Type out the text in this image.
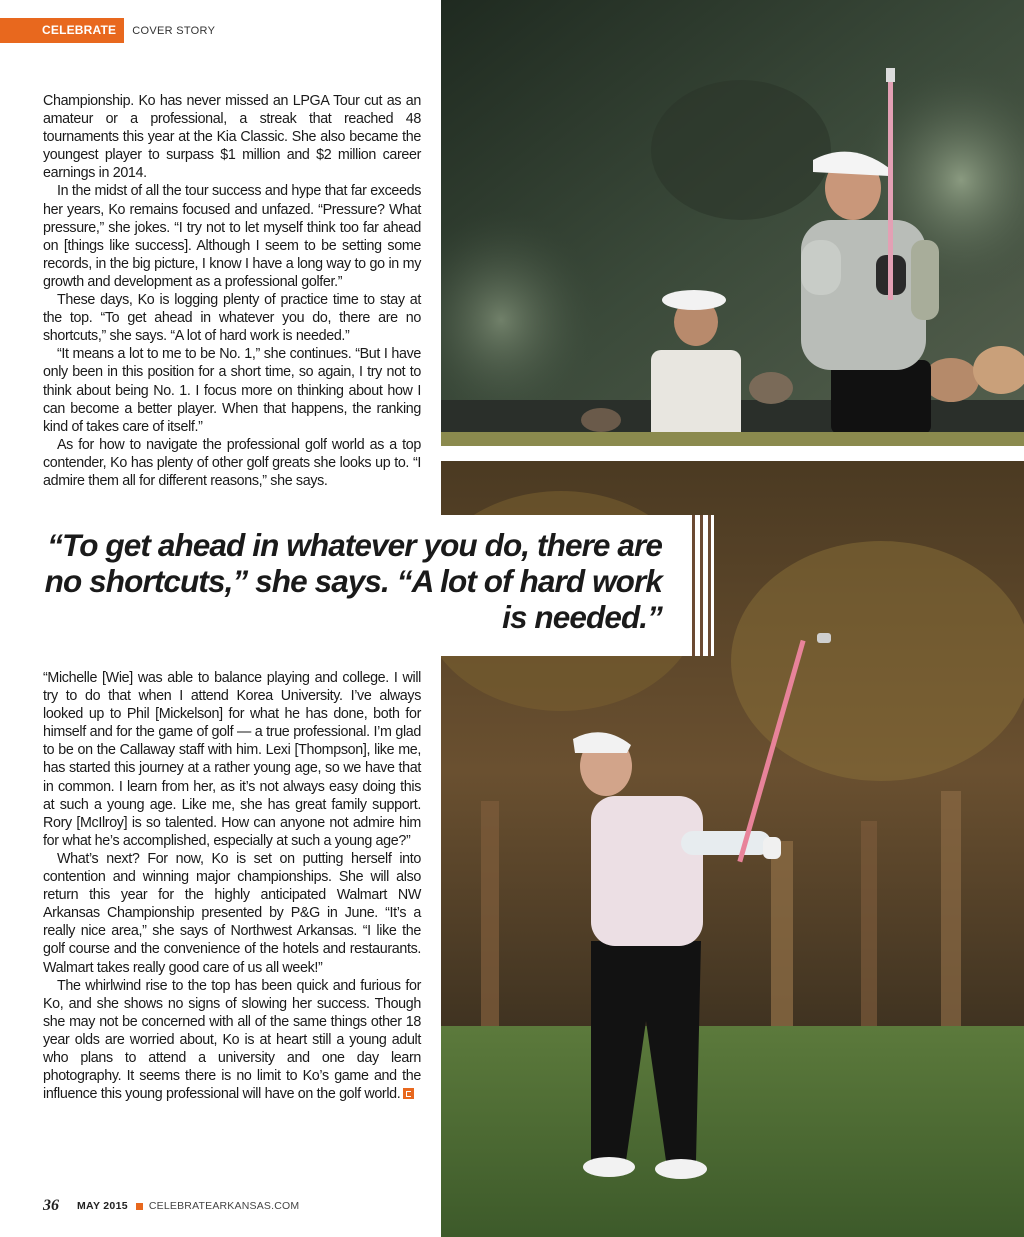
CELEBRATE	COVER STORY

Championship. Ko has never missed an LPGA Tour cut as an amateur or a professional, a streak that reached 48 tournaments this year at the Kia Classic. She also became the youngest player to surpass $1 million and $2 million career earnings in 2014.

In the midst of all the tour success and hype that far exceeds her years, Ko remains focused and unfazed. “Pressure? What pressure,” she jokes. “I try not to let myself think too far ahead on [things like success]. Although I seem to be setting some records, in the big picture, I know I have a long way to go in my growth and development as a professional golfer.”

These days, Ko is logging plenty of practice time to stay at the top. “To get ahead in whatever you do, there are no shortcuts,” she says. “A lot of hard work is needed.”

“It means a lot to me to be No. 1,” she continues. “But I have only been in this position for a short time, so again, I try not to think about being No. 1. I focus more on thinking about how I can become a better player. When that happens, the ranking kind of takes care of itself.”

As for how to navigate the professional golf world as a top contender, Ko has plenty of other golf greats she looks up to. “I admire them all for different reasons,” she says.

“To get ahead in whatever you do, there are no shortcuts,” she says. “A lot of hard work is needed.”

“Michelle [Wie] was able to balance playing and college. I will try to do that when I attend Korea University. I’ve always looked up to Phil [Mickelson] for what he has done, both for himself and for the game of golf — a true professional. I’m glad to be on the Callaway staff with him. Lexi [Thompson], like me, has started this journey at a rather young age, so we have that in common. I learn from her, as it’s not always easy doing this at such a young age. Like me, she has great family support. Rory [McIlroy] is so talented. How can anyone not admire him for what he’s accomplished, especially at such a young age?”

What’s next? For now, Ko is set on putting herself into contention and winning major championships. She will also return this year for the highly anticipated Walmart NW Arkansas Championship presented by P&G in June. “It’s a really nice area,” she says of Northwest Arkansas. “I like the golf course and the convenience of the hotels and restaurants. Walmart takes really good care of us all week!”

The whirlwind rise to the top has been quick and furious for Ko, and she shows no signs of slowing her success. Though she may not be concerned with all of the same things other 18 year olds are worried about, Ko is at heart still a young adult who plans to attend a university and one day learn photography. It seems there is no limit to Ko’s game and the influence this young professional will have on the golf world.

36 MAY 2015 CELEBRATEARKANSAS.COM
